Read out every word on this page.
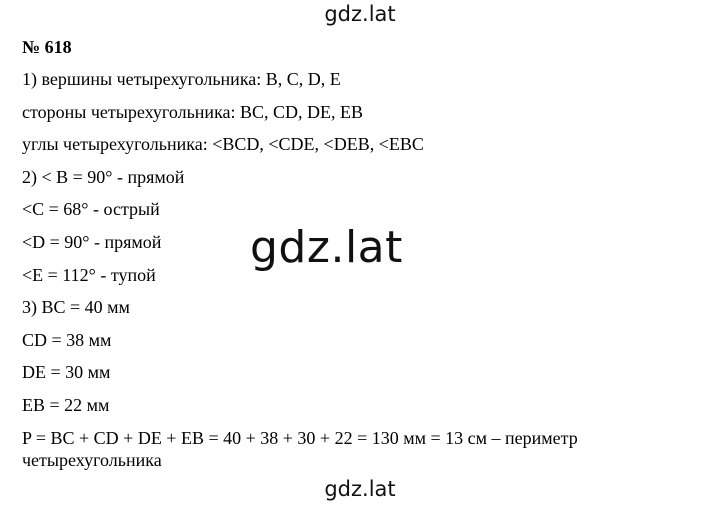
gdz.lat
№ 618
1) вершины четырехугольника: B, C, D, E
стороны четырехугольника: BC, CD, DE, EB
углы четырехугольника: <BCD, <CDE, <DEB, <EBC
2) < B = 90° - прямой
<C = 68° - острый
<D = 90° - прямой
<E = 112° - тупой
3) BC = 40 мм
CD = 38 мм
DE = 30 мм
EB = 22 мм
P = BC + CD + DE + EB = 40 + 38 + 30 + 22 = 130 мм = 13 см – периметр
четырехугольника
gdz.lat
gdz.lat
